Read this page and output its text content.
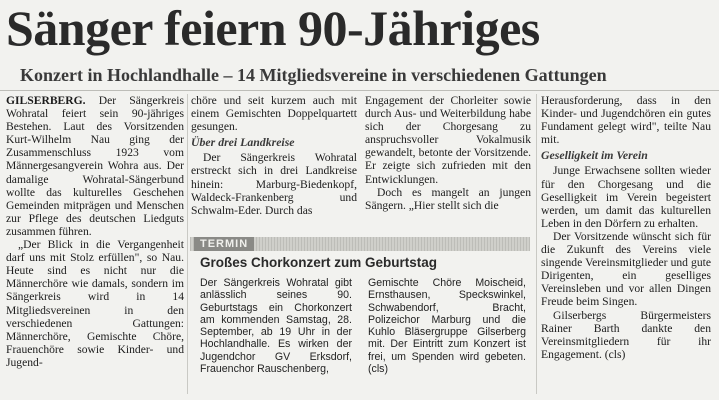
Sänger feiern 90-Jähriges
Konzert in Hochlandhalle – 14 Mitgliedsvereine in verschiedenen Gattungen

GILSERBERG. Der Sängerkreis Wohratal feiert sein 90-jähriges Bestehen. Laut des Vorsitzenden Kurt-Wilhelm Nau ging der Zusammenschluss 1923 vom Männergesangverein Wohra aus. Der damalige Wohratal-Sängerbund wollte das kulturelles Geschehen Gemeinden mitprägen und Menschen zur Pflege des deutschen Liedguts zusammen führen.

„Der Blick in die Vergangenheit darf uns mit Stolz erfüllen", so Nau. Heute sind es nicht nur die Männerchöre wie damals, sondern im Sängerkreis wird in 14 Mitgliedsvereinen in den verschiedenen Gattungen: Männerchöre, Gemischte Chöre, Frauenchöre sowie Kinder- und Jugend-

chöre und seit kurzem auch mit einem Gemischten Doppelquartett gesungen.

Über drei Landkreise

Der Sängerkreis Wohratal erstreckt sich in drei Landkreise hinein: Marburg-Biedenkopf, Waldeck-Frankenberg und Schwalm-Eder. Durch das

Engagement der Chorleiter sowie durch Aus- und Weiterbildung habe sich der Chorgesang zu anspruchsvoller Vokalmusik gewandelt, betonte der Vorsitzende. Er zeigte sich zufrieden mit den Entwicklungen.

Doch es mangelt an jungen Sängern. „Hier stellt sich die

Herausforderung, dass in den Kinder- und Jugendchören ein gutes Fundament gelegt wird", teilte Nau mit.

Geselligkeit im Verein

Junge Erwachsene sollten wieder für den Chorgesang und die Geselligkeit im Verein begeistert werden, um damit das kulturellen Leben in den Dörfern zu erhalten.

Der Vorsitzende wünscht sich für die Zukunft des Vereins viele singende Vereinsmitglieder und gute Dirigenten, ein geselliges Vereinsleben und vor allen Dingen Freude beim Singen.

Gilserbergs Bürgermeisters Rainer Barth dankte den Vereinsmitgliedern für ihr Engagement. (cls)

TERMIN
Großes Chorkonzert zum Geburtstag
Der Sängerkreis Wohratal gibt anlässlich seines 90. Geburtstags ein Chorkonzert am kommenden Samstag, 28. September, ab 19 Uhr in der Hochlandhalle. Es wirken der Jugendchor GV Erksdorf, Frauenchor Rauschenberg,
Gemischte Chöre Moischeid, Ernsthausen, Speckswinkel, Schwabendorf, Bracht, Polizeichor Marburg und die Kuhlo Bläsergruppe Gilserberg mit. Der Eintritt zum Konzert ist frei, um Spenden wird gebeten. (cls)
